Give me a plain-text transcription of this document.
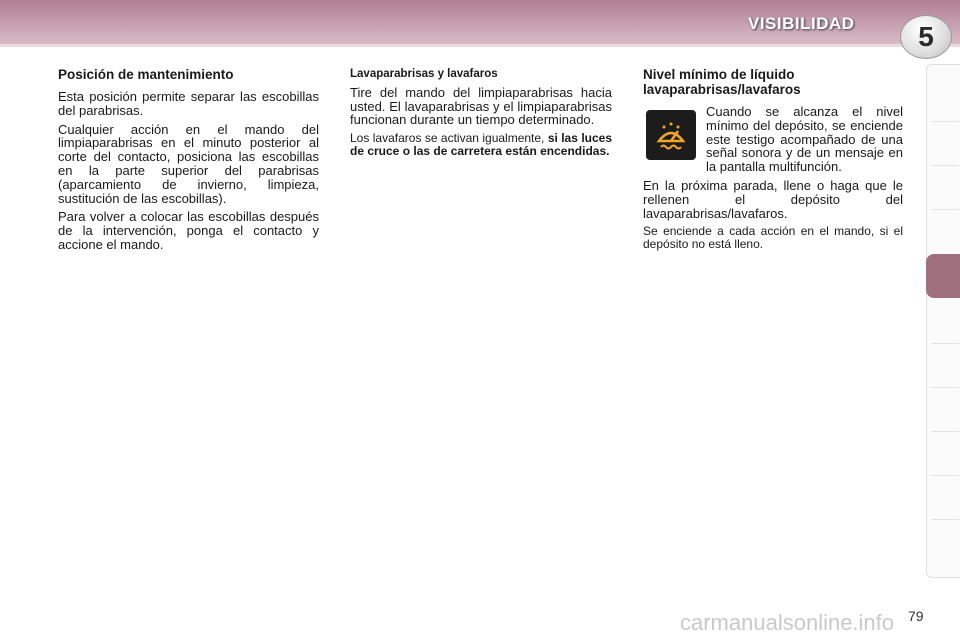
VISIBILIDAD 5
Posición de mantenimiento

Esta posición permite separar las escobillas del parabrisas.

Cualquier acción en el mando del limpiaparabrisas en el minuto posterior al corte del contacto, posiciona las escobillas en la parte superior del parabrisas (aparcamiento de invierno, limpieza, sustitución de las escobillas).

Para volver a colocar las escobillas después de la intervención, ponga el contacto y accione el mando.

Lavaparabrisas y lavafaros

Tire del mando del limpiaparabrisas hacia usted. El lavaparabrisas y el limpiaparabrisas funcionan durante un tiempo determinado.

Los lavafaros se activan igualmente, si las luces de cruce o las de carretera están encendidas.

Nivel mínimo de líquido lavaparabrisas/lavafaros

Cuando se alcanza el nivel mínimo del depósito, se enciende este testigo acompañado de una señal sonora y de un mensaje en la pantalla multifunción.

En la próxima parada, llene o haga que le rellenen el depósito del lavaparabrisas/lavafaros.

Se enciende a cada acción en el mando, si el depósito no está lleno.

carmanualsonline.info 79
